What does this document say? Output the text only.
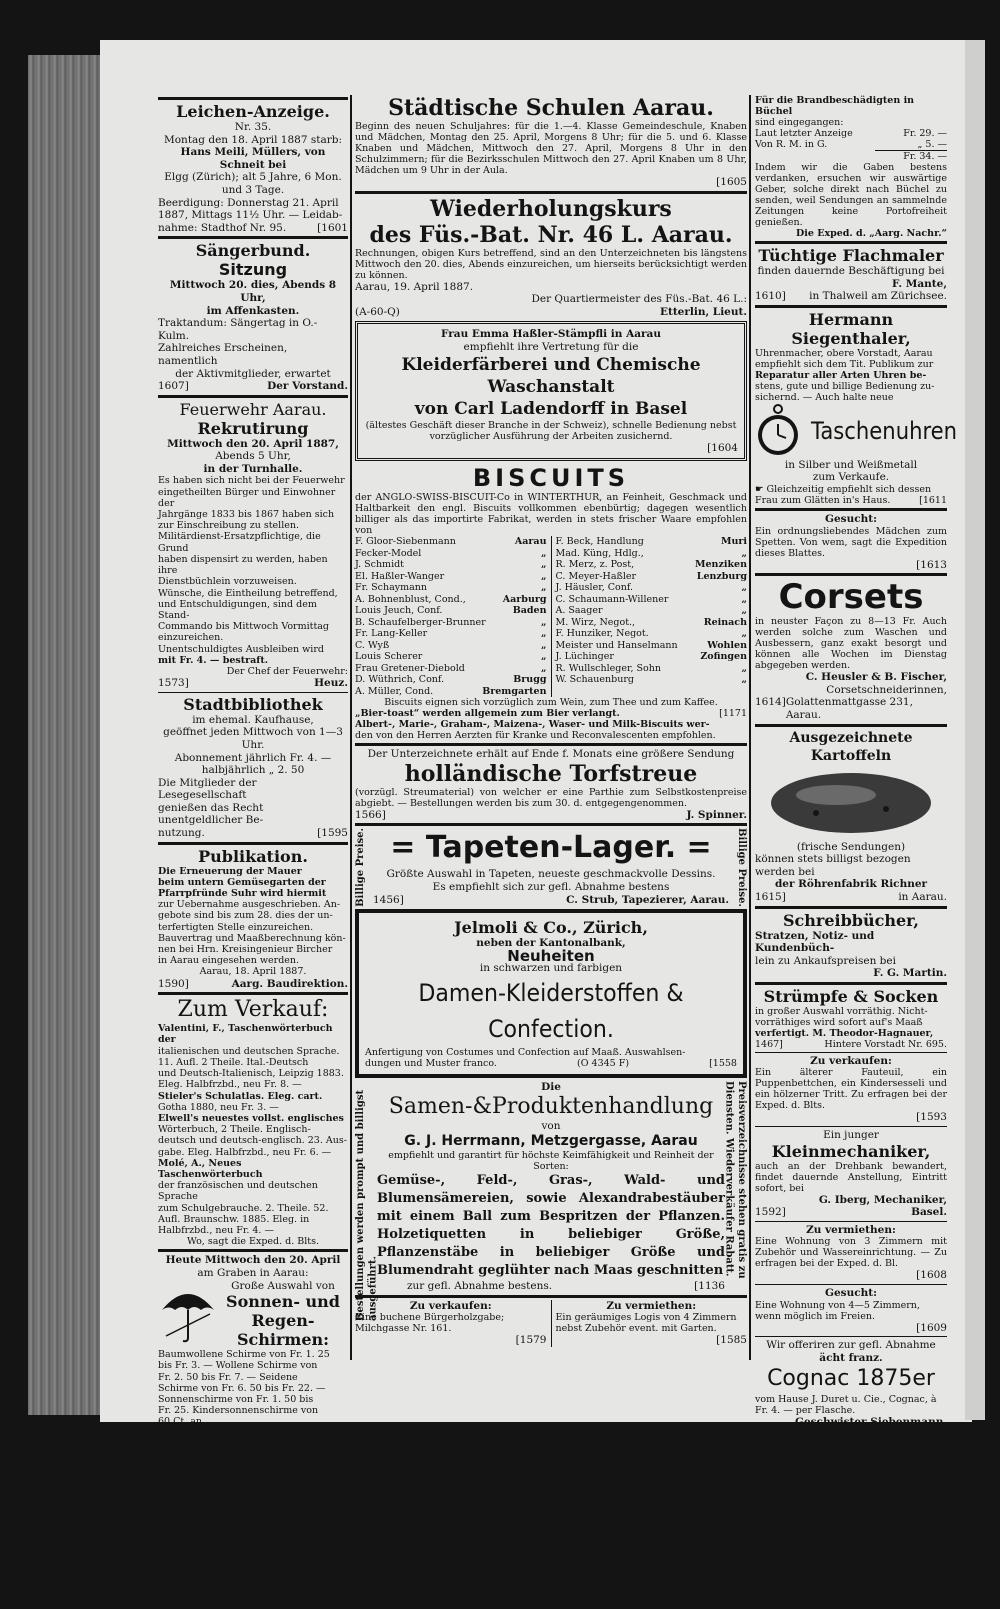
Leichen-Anzeige.
Nr. 35.
Montag den 18. April 1887 starb:
Hans Meili, Müllers, von Schneit bei
Elgg (Zürich); alt 5 Jahre, 6 Mon.
und 3 Tage.
Beerdigung: Donnerstag 21. April
1887, Mittags 11½ Uhr. — Leidab-
nahme: Stadthof Nr. 95.	[1601
Sängerbund.
Sitzung
Mittwoch 20. dies, Abends 8 Uhr,
im Affenkasten.
Traktandum: Sängertag in O.-Kulm.
Zahlreiches Erscheinen, namentlich
der Aktivmitglieder, erwartet
1607]	Der Vorstand.
Feuerwehr Aarau.
Rekrutirung
Mittwoch den 20. April 1887,
Abends 5 Uhr,
in der Turnhalle.
Es haben sich nicht bei der Feuerwehr
eingetheilten Bürger und Einwohner der
Jahrgänge 1833 bis 1867 haben sich
zur Einschreibung zu stellen.
Militärdienst-Ersatzpflichtige, die Grund
haben dispensirt zu werden, haben ihre
Dienstbüchlein vorzuweisen.
Wünsche, die Eintheilung betreffend,
und Entschuldigungen, sind dem Stand-
Commando bis Mittwoch Vormittag
einzureichen.
Unentschuldigtes Ausbleiben wird
mit Fr. 4. — bestraft.
Der Chef der Feuerwehr:
1573]	Heuz.
Stadtbibliothek
im ehemal. Kaufhause,
geöffnet jeden Mittwoch von 1—3 Uhr.
Abonnement jährlich Fr. 4. —
halbjährlich „ 2. 50
Die Mitglieder der Lesegesellschaft
genießen das Recht unentgeldlicher Be-
nutzung.	[1595
Publikation.
Die Erneuerung der Mauer
beim untern Gemüsegarten der
Pfarrpfründe Suhr wird hiermit
zur Uebernahme ausgeschrieben. An-
gebote sind bis zum 28. dies der un-
terfertigten Stelle einzureichen.
Bauvertrag und Maaßberechnung kön-
nen bei Hrn. Kreisingenieur Bircher
in Aarau eingesehen werden.
Aarau, 18. April 1887.
1590]	Aarg. Baudirektion.
Zum Verkauf:
Valentini, F., Taschenwörterbuch der
italienischen und deutschen Sprache.
11. Aufl. 2 Theile. Ital.-Deutsch
und Deutsch-Italienisch, Leipzig 1883.
Eleg. Halbfrzbd., neu Fr. 8. —
Stieler's Schulatlas. Eleg. cart.
Gotha 1880, neu Fr. 3. —
Elwell's neuestes vollst. englisches
Wörterbuch, 2 Theile. Englisch-
deutsch und deutsch-englisch. 23. Aus-
gabe. Eleg. Halbfrzbd., neu Fr. 6. —
Molé, A., Neues Taschenwörterbuch
der französischen und deutschen Sprache
zum Schulgebrauche. 2. Theile. 52.
Aufl. Braunschw. 1885. Eleg. in
Halbfrzbd., neu Fr. 4. —
Wo, sagt die Exped. d. Blts.
Heute Mittwoch den 20. April
am Graben in Aarau:
Große Auswahl von
Sonnen- und
Regen-Schirmen:
Baumwollene Schirme von Fr. 1. 25
bis Fr. 3. — Wollene Schirme von
Fr. 2. 50 bis Fr. 7. — Seidene
Schirme von Fr. 6. 50 bis Fr. 22. —
Sonnenschirme von Fr. 1. 50 bis
Fr. 25. Kindersonnenschirme von
60 Ct. an.
Große Auswahl!
Achtungsvoll	[1616
G. Jouve.
Kinderwagen
in reichhaltiger Auswahl
eingetroffen; welche bei
billigen Preisen zu gefl.
Abnahme bestens empfiehlt
Eduard Lüthy,
Sattler und Tapezierer,
1612]	Rathhausgasse.
Städtische Schulen Aarau.
Beginn des neuen Schuljahres: für die 1.—4. Klasse Gemeindeschule, Knaben und Mädchen, Montag den 25. April, Morgens 8 Uhr; für die 5. und 6. Klasse Knaben und Mädchen, Mittwoch den 27. April, Morgens 8 Uhr in den Schulzimmern; für die Bezirksschulen Mittwoch den 27. April Knaben um 8 Uhr, Mädchen um 9 Uhr in der Aula.
[1605
Wiederholungskurs
des Füs.-Bat. Nr. 46 L. Aarau.
Rechnungen, obigen Kurs betreffend, sind an den Unterzeichneten bis längstens Mittwoch den 20. dies, Abends einzureichen, um hierseits berücksichtigt werden zu können.
Aarau, 19. April 1887.
Der Quartiermeister des Füs.-Bat. 46 L.:
(A-60-Q)	Etterlin, Lieut.
Frau Emma Haßler-Stämpfli in Aarau
empfiehlt ihre Vertretung für die
Kleiderfärberei und Chemische Waschanstalt
von Carl Ladendorff in Basel
(ältestes Geschäft dieser Branche in der Schweiz), schnelle Bedienung nebst vorzüglicher Ausführung der Arbeiten zusichernd.
[1604
BISCUITS
der ANGLO-SWISS-BISCUIT-Co in WINTERTHUR, an Feinheit, Geschmack und Haltbarkeit den engl. Biscuits vollkommen ebenbürtig; dagegen wesentlich billiger als das importirte Fabrikat, werden in stets frischer Waare empfohlen von
F. Gloor-Siebenmann	Aarau
Fecker-Model	„
J. Schmidt	„
El. Haßler-Wanger	„
Fr. Schaymann	„
A. Bohnenblust, Cond.,	Aarburg
Louis Jeuch, Conf.	Baden
B. Schaufelberger-Brunner	„
Fr. Lang-Keller	„
C. Wyß	„
Louis Scherer	„
Frau Gretener-Diebold	„
D. Wüthrich, Conf.	Brugg
A. Müller, Cond.	Bremgarten
F. Beck, Handlung	Muri
Mad. Küng, Hdlg.,	„
R. Merz, z. Post,	Menziken
C. Meyer-Haßler	Lenzburg
J. Häusler, Conf.	„
C. Schaumann-Willener	„
A. Saager	„
M. Wirz, Negot.,	Reinach
F. Hunziker, Negot.	„
Meister und Hanselmann	Wohlen
J. Lüchinger	Zofingen
R. Wullschleger, Sohn	„
W. Schauenburg	„
Biscuits eignen sich vorzüglich zum Wein, zum Thee und zum Kaffee.
„Bier-toast“ werden allgemein zum Bier verlangt.	[1171
Albert-, Marie-, Graham-, Maizena-, Waser- und Milk-Biscuits wer-
den von den Herren Aerzten für Kranke und Reconvalescenten empfohlen.
Der Unterzeichnete erhält auf Ende f. Monats eine größere Sendung
holländische Torfstreue
(vorzügl. Streumaterial) von welcher er eine Parthie zum Selbstkostenpreise abgiebt. — Bestellungen werden bis zum 30. d. entgegengenommen.
1566]	J. Spinner.
Billige Preise.	Billige Preise.
= Tapeten-Lager. =
Größte Auswahl in Tapeten, neueste geschmackvolle Dessins.
Es empfiehlt sich zur gefl. Abnahme bestens
1456]	C. Strub, Tapezierer, Aarau.
Jelmoli & Co., Zürich,
neben der Kantonalbank,
Neuheiten
in schwarzen und farbigen
Damen-Kleiderstoffen & Confection.
Anfertigung von Costumes und Confection auf Maaß. Auswahlsen-
dungen und Muster franco.	(O 4345 F)	[1558
Bestellungen werden prompt und billigst ausgeführt.
Preisverzeichnisse stehen gratis zu Diensten. Wiederverkäufer Rabatt.
Die
Samen-&Produktenhandlung
von
G. J. Herrmann, Metzgergasse, Aarau
empfiehlt und garantirt für höchste Keimfähigkeit und Reinheit der Sorten:
Gemüse-, Feld-, Gras-, Wald- und Blumensämereien, sowie Alexandrabestäuber mit einem Ball zum Bespritzen der Pflanzen. Holzetiquetten in beliebiger Größe, Pflanzenstäbe in beliebiger Größe und Blumendraht geglühter nach Maas geschnitten
zur gefl. Abnahme bestens.	[1136
Zu verkaufen:
Eine buchene Bürgerholzgabe; Milchgasse Nr. 161.
[1579
Zu vermiethen:
Ein geräumiges Logis von 4 Zimmern nebst Zubehör event. mit Garten.
[1585
Für die Brandbeschädigten in Büchel
sind eingegangen:
Laut letzter Anzeige	Fr. 29. —
Von R. M. in G.	„ 5. —
Fr. 34. —
Indem wir die Gaben bestens verdanken, ersuchen wir auswärtige Geber, solche direkt nach Büchel zu senden, weil Sendungen an sammelnde Zeitungen keine Portofreiheit genießen.
Die Exped. d. „Aarg. Nachr.“
Tüchtige Flachmaler
finden dauernde Beschäftigung bei
F. Mante,
1610] in Thalweil am Zürichsee.
Hermann Siegenthaler,
Uhrenmacher, obere Vorstadt, Aarau
empfiehlt sich dem Tit. Publikum zur
Reparatur aller Arten Uhren be-
stens, gute und billige Bedienung zu-
sichernd. — Auch halte neue
Taschenuhren
in Silber und Weißmetall
zum Verkaufe.
☛ Gleichzeitig empfiehlt sich dessen
Frau zum Glätten in's Haus.	[1611
Gesucht:
Ein ordnungsliebendes Mädchen zum Spetten. Von wem, sagt die Expedition dieses Blattes.
[1613
Corsets
in neuster Façon zu 8—13 Fr. Auch werden solche zum Waschen und Ausbessern, ganz exakt besorgt und können alle Wochen im Dienstag abgegeben werden.
C. Heusler & B. Fischer,
Corsetschneiderinnen,
1614] Golattenmattgasse 231, Aarau.
Ausgezeichnete Kartoffeln
(frische Sendungen)
können stets billigst bezogen werden bei
der Röhrenfabrik Richner
1615]	in Aarau.
Schreibbücher,
Stratzen, Notiz- und Kundenbüch-
lein zu Ankaufspreisen bei
F. G. Martin.
Strümpfe & Socken
in großer Auswahl vorräthig. Nicht-
vorräthiges wird sofort auf's Maaß
verfertigt. M. Theodor-Hagnauer,
1467]	Hintere Vorstadt Nr. 695.
Zu verkaufen:
Ein älterer Fauteuil, ein Puppenbettchen, ein Kindersesseli und ein hölzerner Tritt. Zu erfragen bei der Exped. d. Blts.
[1593
Ein junger
Kleinmechaniker,
auch an der Drehbank bewandert, findet dauernde Anstellung, Eintritt sofort, bei
G. Iberg, Mechaniker,
1592]	Basel.
Zu vermiethen:
Eine Wohnung von 3 Zimmern mit Zubehör und Wassereinrichtung. — Zu erfragen bei der Exped. d. Bl.
[1608
Gesucht:
Eine Wohnung von 4—5 Zimmern, wenn möglich im Freien.
[1609
Wir offeriren zur gefl. Abnahme
ächt franz.
Cognac 1875er
vom Hause J. Duret u. Cie., Cognac, à Fr. 4. — per Flasche.
Geschwister Siebenmann,
1576]	Bayr. Bierhalle.
Bäckerlehrling.
Ein Knabe von 16—18 Jahren könnte unter günstigen Bedingungen in die Lehre treten. Nachfrage beim Verleger dieses Blattes.
[1569
